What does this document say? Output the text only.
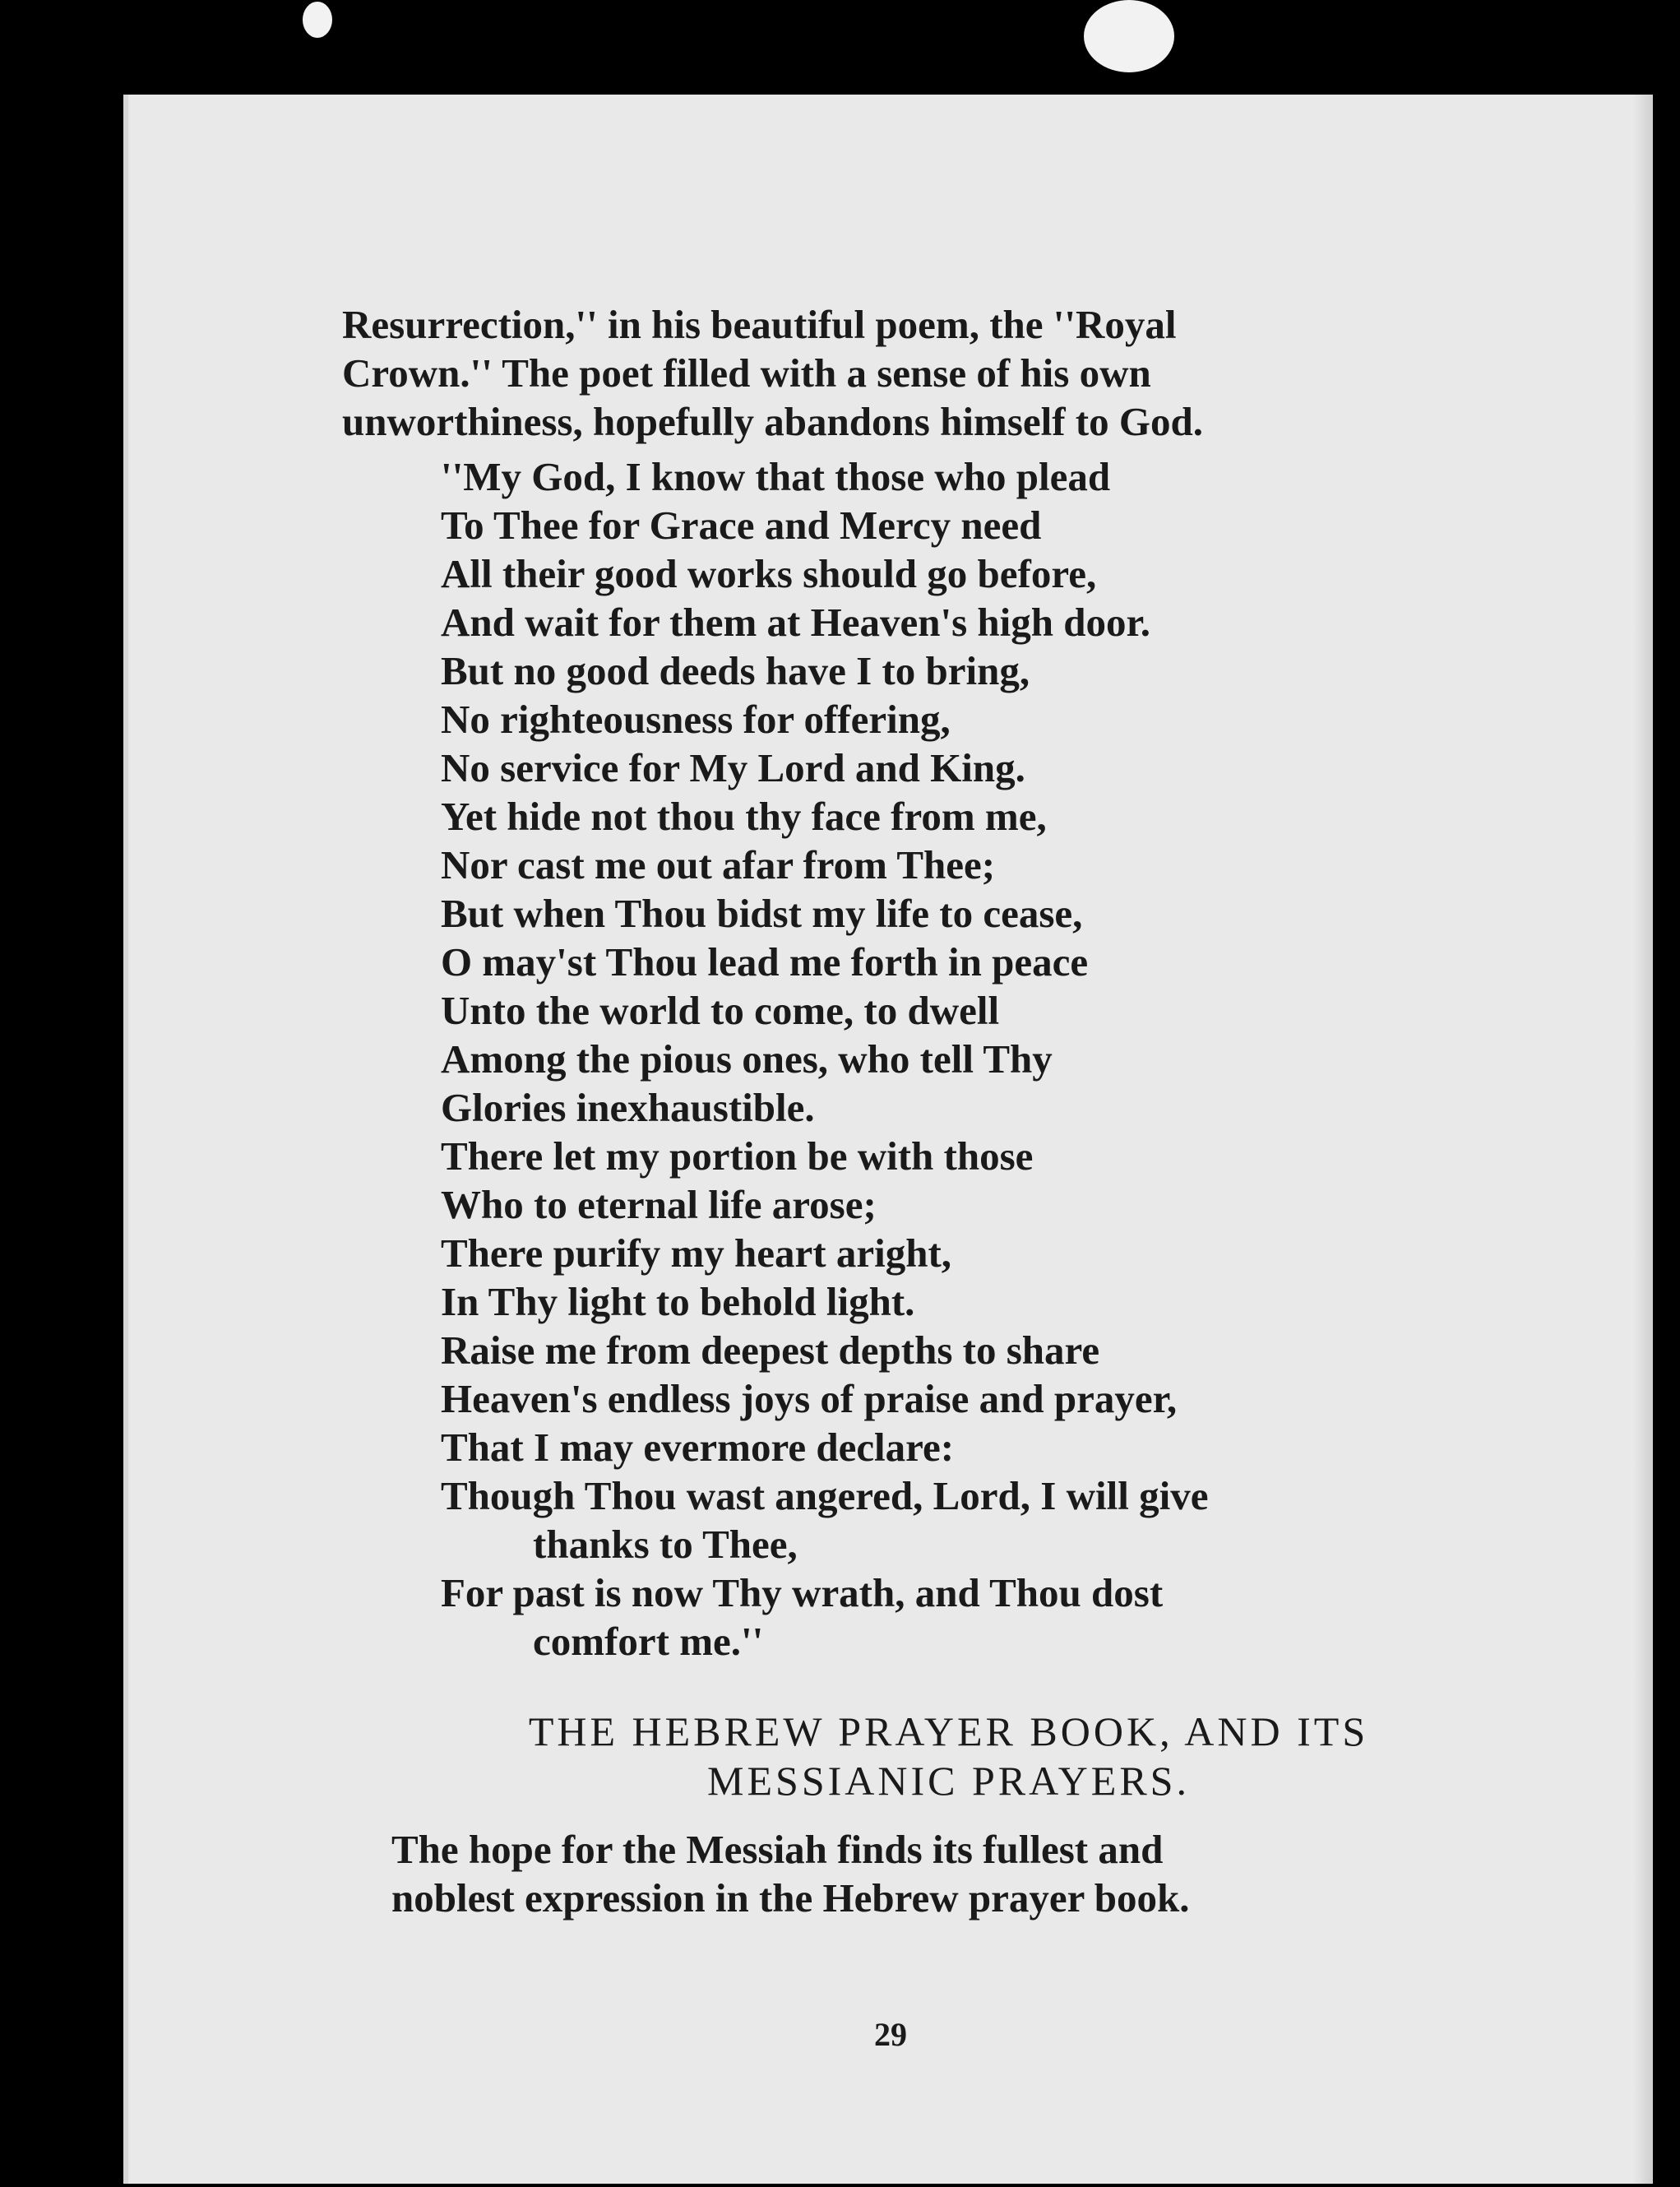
Resurrection,'' in his beautiful poem, the ''Royal
Crown.'' The poet filled with a sense of his own
unworthiness, hopefully abandons himself to God.

''My God, I know that those who plead
To Thee for Grace and Mercy need
All their good works should go before,
And wait for them at Heaven's high door.
But no good deeds have I to bring,
No righteousness for offering,
No service for My Lord and King.
Yet hide not thou thy face from me,
Nor cast me out afar from Thee;
But when Thou bidst my life to cease,
O may'st Thou lead me forth in peace
Unto the world to come, to dwell
Among the pious ones, who tell Thy
Glories inexhaustible.
There let my portion be with those
Who to eternal life arose;
There purify my heart aright,
In Thy light to behold light.
Raise me from deepest depths to share
Heaven's endless joys of praise and prayer,
That I may evermore declare:
Though Thou wast angered, Lord, I will give
thanks to Thee,
For past is now Thy wrath, and Thou dost
comfort me.''
THE HEBREW PRAYER BOOK, AND ITS
MESSIANIC PRAYERS.

The hope for the Messiah finds its fullest and
noblest expression in the Hebrew prayer book.

29
